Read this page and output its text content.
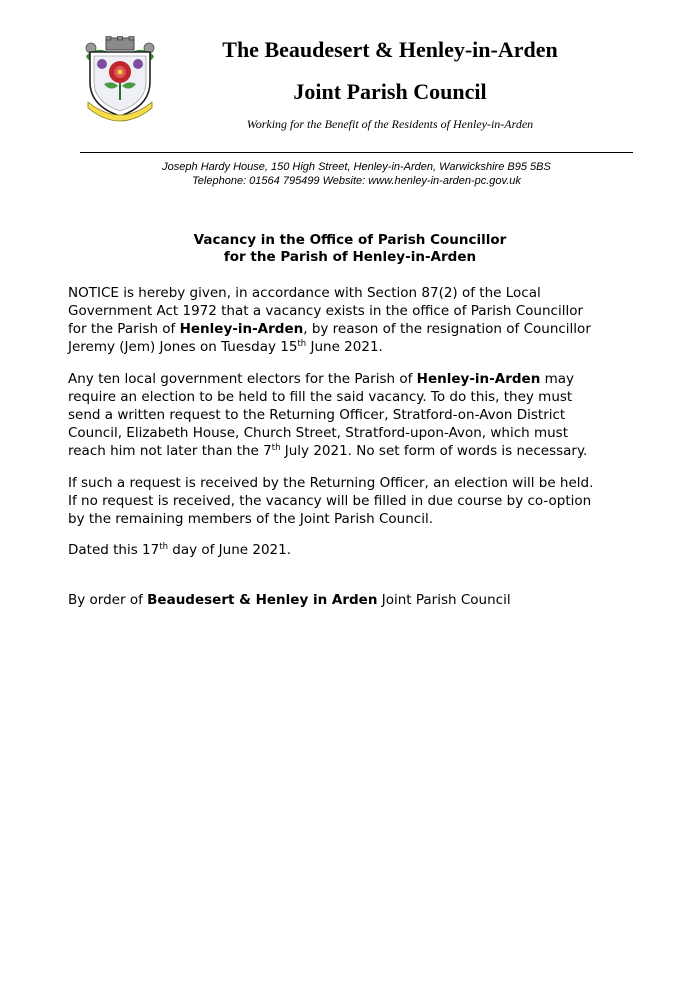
The Beaudesert & Henley-in-Arden
Joint Parish Council
Working for the Benefit of the Residents of Henley-in-Arden
Joseph Hardy House, 150 High Street, Henley-in-Arden, Warwickshire B95 5BS
Telephone: 01564 795499 Website: www.henley-in-arden-pc.gov.uk
Vacancy in the Office of Parish Councillor
for the Parish of Henley-in-Arden

NOTICE is hereby given, in accordance with Section 87(2) of the Local
Government Act 1972 that a vacancy exists in the office of Parish Councillor
for the Parish of Henley-in-Arden, by reason of the resignation of Councillor
Jeremy (Jem) Jones on Tuesday 15th June 2021.

Any ten local government electors for the Parish of Henley-in-Arden may
require an election to be held to fill the said vacancy. To do this, they must
send a written request to the Returning Officer, Stratford-on-Avon District
Council, Elizabeth House, Church Street, Stratford-upon-Avon, which must
reach him not later than the 7th July 2021. No set form of words is necessary.

If such a request is received by the Returning Officer, an election will be held.
If no request is received, the vacancy will be filled in due course by co-option
by the remaining members of the Joint Parish Council.

Dated this 17th day of June 2021.

By order of Beaudesert & Henley in Arden Joint Parish Council
